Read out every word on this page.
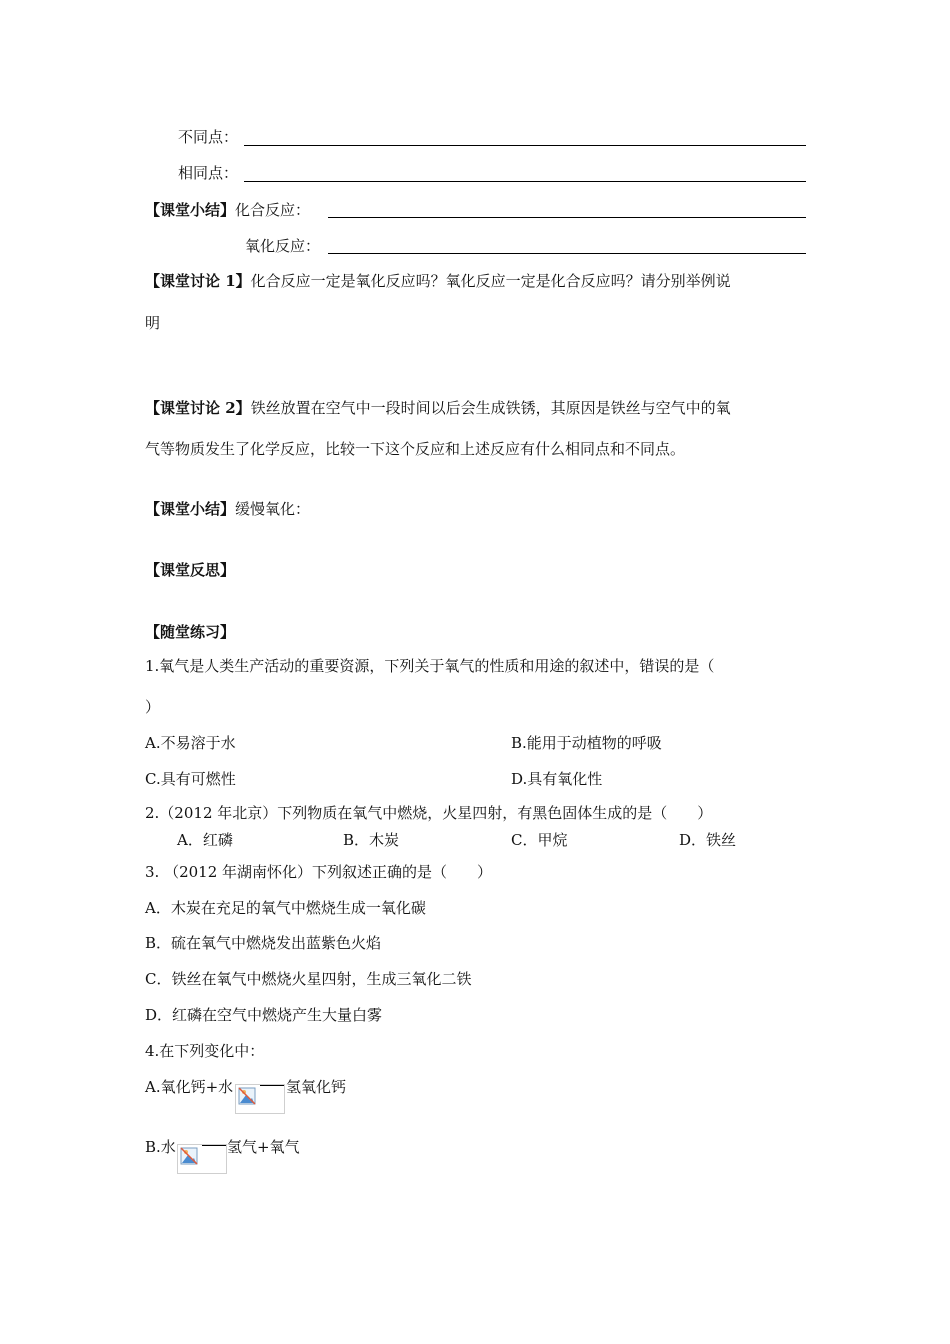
不同点：
相同点：
【课堂小结】化合反应：
氧化反应：
【课堂讨论 1】化合反应一定是氧化反应吗？氧化反应一定是化合反应吗？请分别举例说
明
【课堂讨论 2】铁丝放置在空气中一段时间以后会生成铁锈，其原因是铁丝与空气中的氧
气等物质发生了化学反应，比较一下这个反应和上述反应有什么相同点和不同点。
【课堂小结】缓慢氧化：
【课堂反思】
【随堂练习】
1.氧气是人类生产活动的重要资源，下列关于氧气的性质和用途的叙述中，错误的是（
）
A.不易溶于水	B.能用于动植物的呼吸
C.具有可燃性	D.具有氧化性
2.（2012 年北京）下列物质在氧气中燃烧，火星四射，有黑色固体生成的是（　　）
A．红磷	B．木炭	C．甲烷	D．铁丝
3. （2012 年湖南怀化）下列叙述正确的是（　　）
A．木炭在充足的氧气中燃烧生成一氧化碳
B．硫在氧气中燃烧发出蓝紫色火焰
C．铁丝在氧气中燃烧火星四射，生成三氧化二铁
D．红磷在空气中燃烧产生大量白雾
4.在下列变化中：
A.氧化钙+水	氢氧化钙
B.水	氢气+氧气
